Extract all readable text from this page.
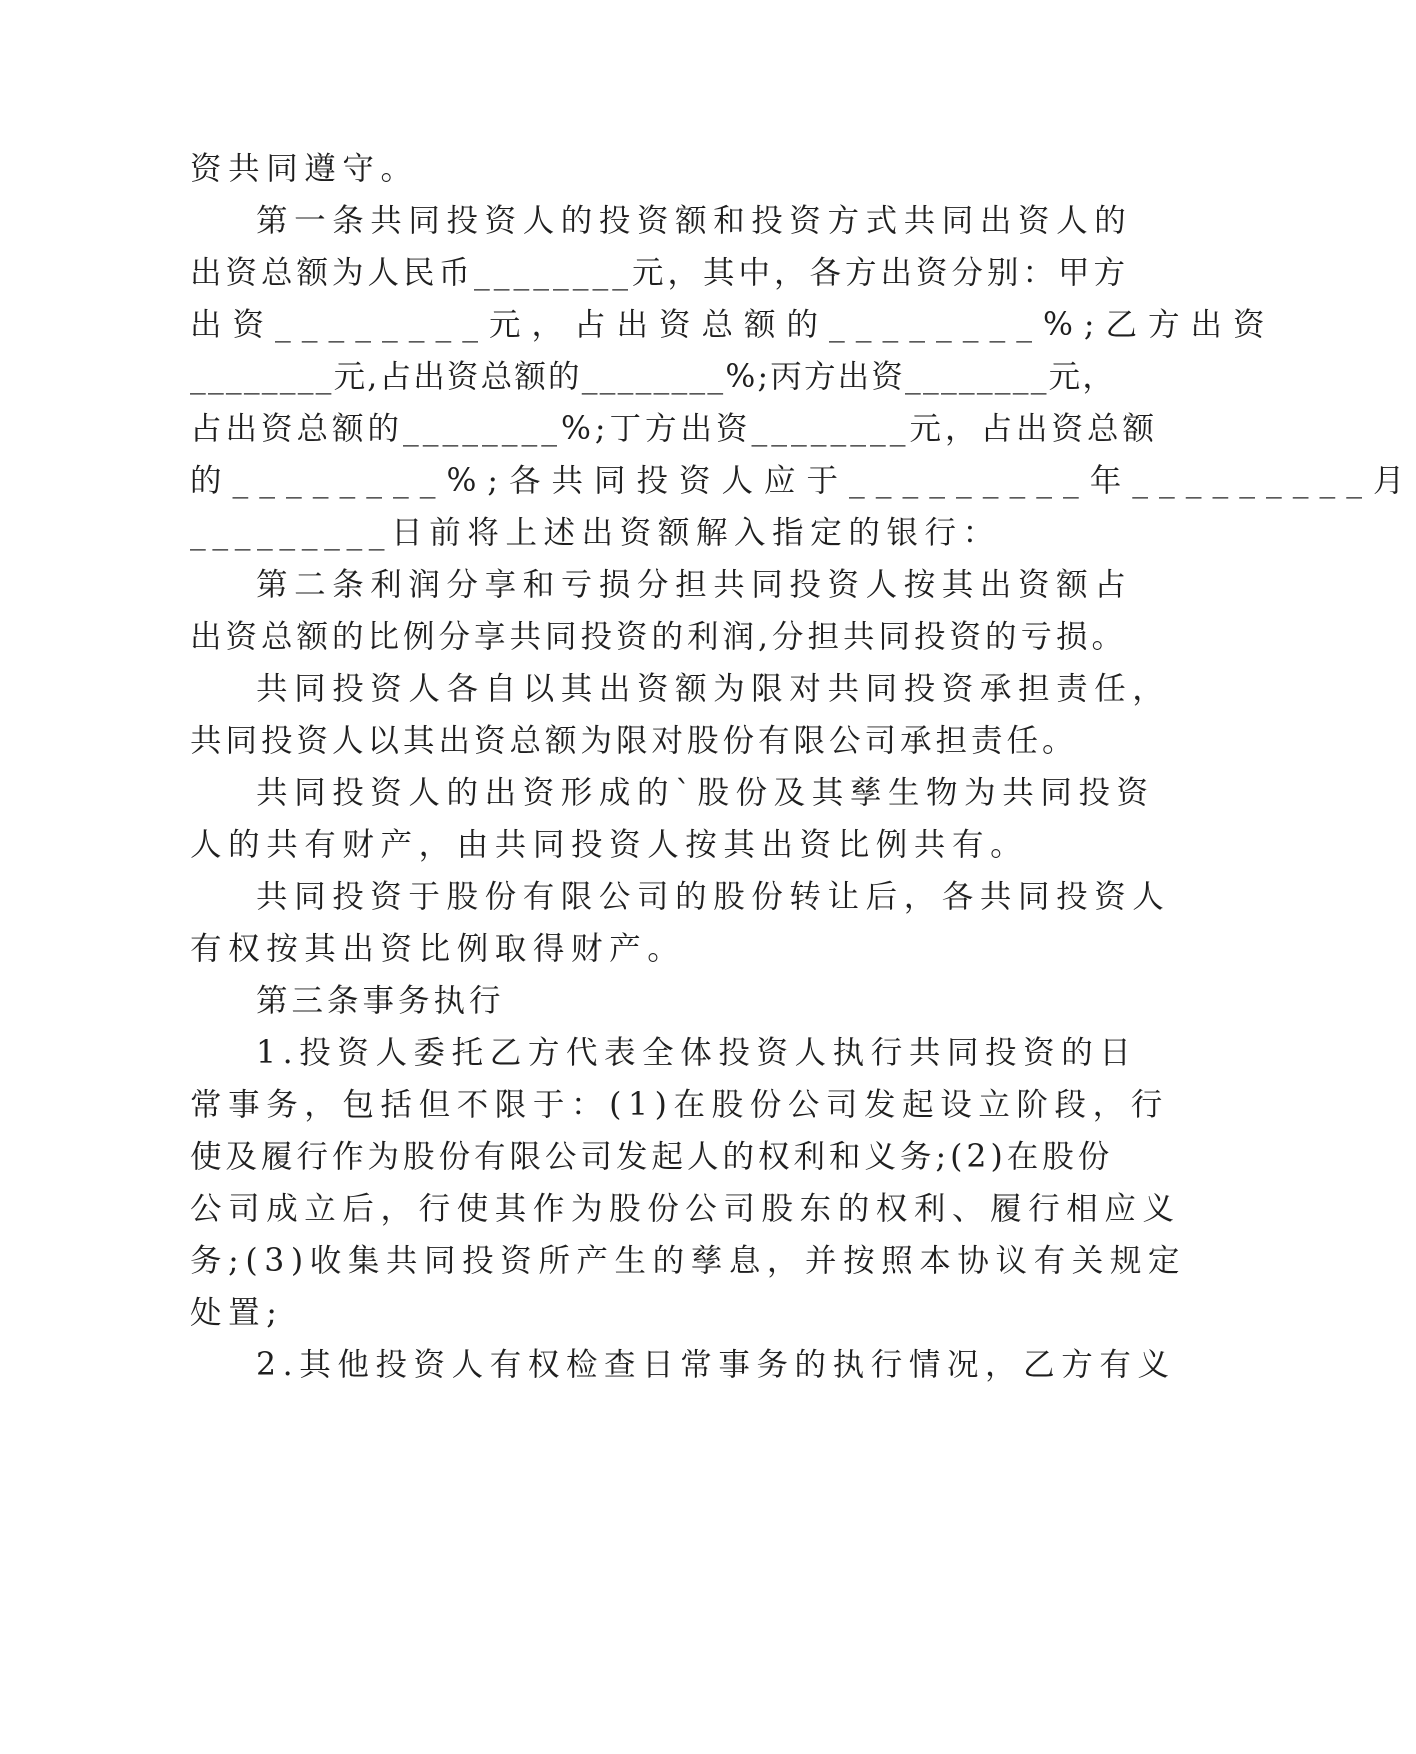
资共同遵守。
第一条共同投资人的投资额和投资方式共同出资人的
出资总额为人民币________元，其中，各方出资分别：甲方
出资________元，占出资总额的________%;乙方出资
________元,占出资总额的________%;丙方出资________元，
占出资总额的________%;丁方出资________元，占出资总额
的________%;各共同投资人应于_________年_________月
_________日前将上述出资额解入指定的银行：
第二条利润分享和亏损分担共同投资人按其出资额占
出资总额的比例分享共同投资的利润,分担共同投资的亏损。
共同投资人各自以其出资额为限对共同投资承担责任，
共同投资人以其出资总额为限对股份有限公司承担责任。
共同投资人的出资形成的`股份及其孳生物为共同投资
人的共有财产，由共同投资人按其出资比例共有。
共同投资于股份有限公司的股份转让后，各共同投资人
有权按其出资比例取得财产。
第三条事务执行
1.投资人委托乙方代表全体投资人执行共同投资的日
常事务，包括但不限于：(1)在股份公司发起设立阶段，行
使及履行作为股份有限公司发起人的权利和义务;(2)在股份
公司成立后，行使其作为股份公司股东的权利、履行相应义
务;(3)收集共同投资所产生的孳息，并按照本协议有关规定
处置;
2.其他投资人有权检查日常事务的执行情况，乙方有义
